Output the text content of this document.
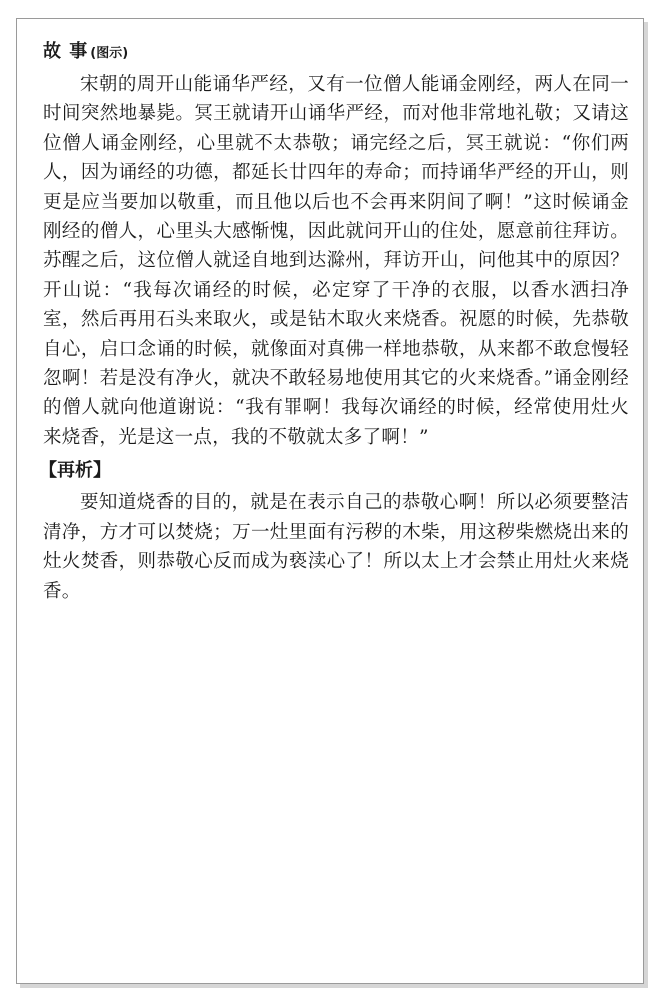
故 事 (图示)

宋朝的周开山能诵华严经，又有一位僧人能诵金刚经，两人在同一时间突然地暴毙。冥王就请开山诵华严经，而对他非常地礼敬；又请这位僧人诵金刚经，心里就不太恭敬；诵完经之后，冥王就说：“你们两人，因为诵经的功德，都延长廿四年的寿命；而持诵华严经的开山，则更是应当要加以敬重，而且他以后也不会再来阴间了啊！”这时候诵金刚经的僧人，心里头大感惭愧，因此就问开山的住处，愿意前往拜访。苏醒之后，这位僧人就迳自地到达滁州，拜访开山，问他其中的原因？开山说：“我每次诵经的时候，必定穿了干净的衣服，以香水洒扫净室，然后再用石头来取火，或是钻木取火来烧香。祝愿的时候，先恭敬自心，启口念诵的时候，就像面对真佛一样地恭敬，从来都不敢怠慢轻忽啊！若是没有净火，就决不敢轻易地使用其它的火来烧香。”诵金刚经的僧人就向他道谢说：“我有罪啊！我每次诵经的时候，经常使用灶火来烧香，光是这一点，我的不敬就太多了啊！”

【再析】

要知道烧香的目的，就是在表示自己的恭敬心啊！所以必须要整洁清净，方才可以焚烧；万一灶里面有污秽的木柴，用这秽柴燃烧出来的灶火焚香，则恭敬心反而成为亵渎心了！所以太上才会禁止用灶火来烧香。
